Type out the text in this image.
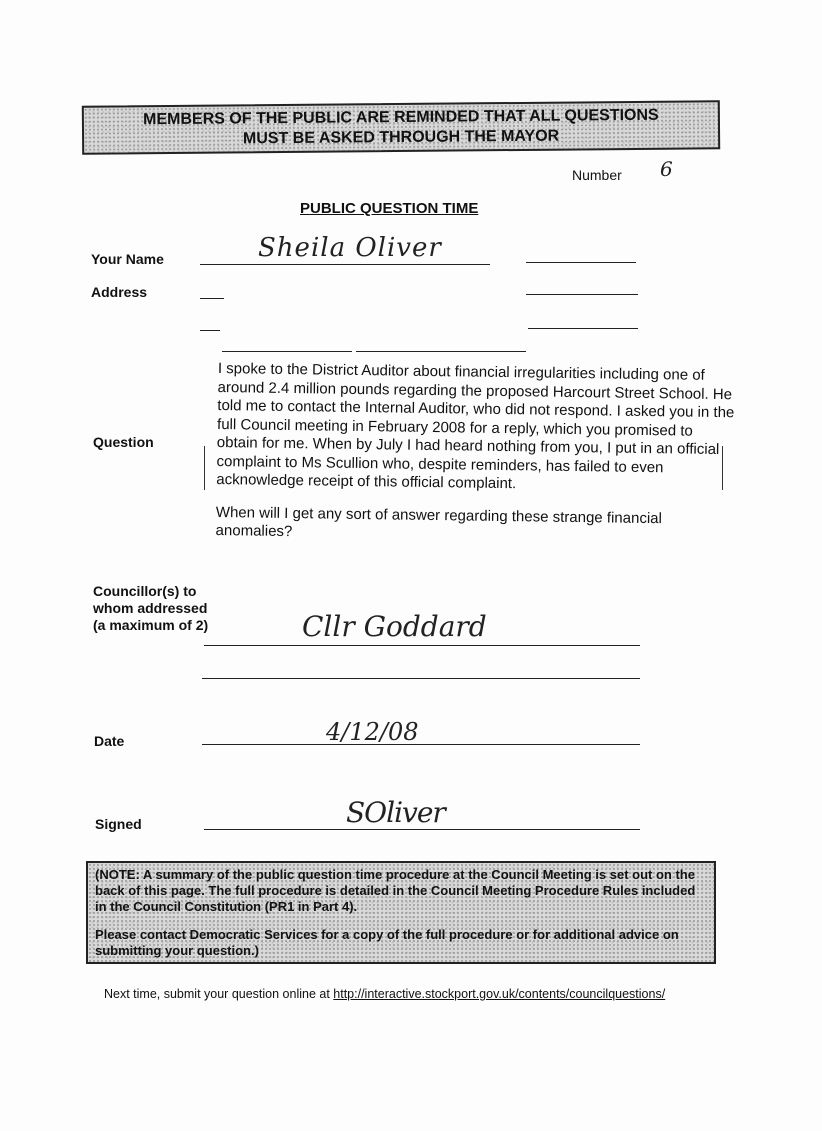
MEMBERS OF THE PUBLIC ARE REMINDED THAT ALL QUESTIONS
MUST BE ASKED THROUGH THE MAYOR
Number 6
PUBLIC QUESTION TIME
Your Name	Sheila Oliver
Address
Question

I spoke to the District Auditor about financial irregularities including one of around 2.4 million pounds regarding the proposed Harcourt Street School. He told me to contact the Internal Auditor, who did not respond. I asked you in the full Council meeting in February 2008 for a reply, which you promised to obtain for me. When by July I had heard nothing from you, I put in an official complaint to Ms Scullion who, despite reminders, has failed to even acknowledge receipt of this official complaint.

When will I get any sort of answer regarding these strange financial anomalies?

Councillor(s) to
whom addressed
(a maximum of 2)	Cllr Goddard
Date	4/12/08
Signed	SOliver

(NOTE: A summary of the public question time procedure at the Council Meeting is set out on the back of this page. The full procedure is detailed in the Council Meeting Procedure Rules included in the Council Constitution (PR1 in Part 4).

Please contact Democratic Services for a copy of the full procedure or for additional advice on submitting your question.)

Next time, submit your question online at http://interactive.stockport.gov.uk/contents/councilquestions/
